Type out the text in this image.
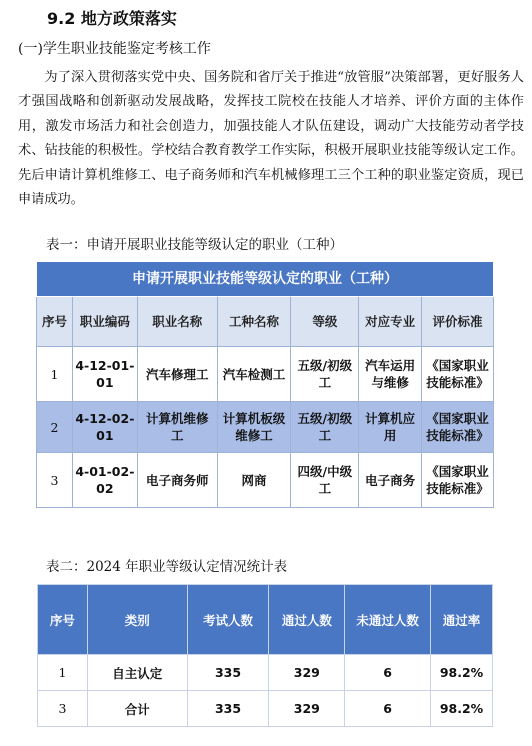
9.2 地方政策落实
(一)学生职业技能鉴定考核工作

为了深入贯彻落实党中央、国务院和省厅关于推进“放管服”决策部署，更好服务人才强国战略和创新驱动发展战略，发挥技工院校在技能人才培养、评价方面的主体作用，激发市场活力和社会创造力，加强技能人才队伍建设，调动广大技能劳动者学技术、钻技能的积极性。学校结合教育教学工作实际，积极开展职业技能等级认定工作。先后申请计算机维修工、电子商务师和汽车机械修理工三个工种的职业鉴定资质，现已申请成功。

表一：申请开展职业技能等级认定的职业（工种）
申请开展职业技能等级认定的职业（工种）						
序号	职业编码	职业名称	工种名称	等级	对应专业	评价标准
1	4-12-01-01	汽车修理工	汽车检测工	五级/初级工	汽车运用与维修	《国家职业技能标准》
2	4-12-02-01	计算机维修工	计算机板级维修工	五级/初级工	计算机应用	《国家职业技能标准》
3	4-01-02-02	电子商务师	网商	四级/中级工	电子商务	《国家职业技能标准》
表二：2024 年职业等级认定情况统计表
序号	类别	考试人数	通过人数	未通过人数	通过率
1	自主认定	335	329	6	98.2%
3	合计	335	329	6	98.2%
